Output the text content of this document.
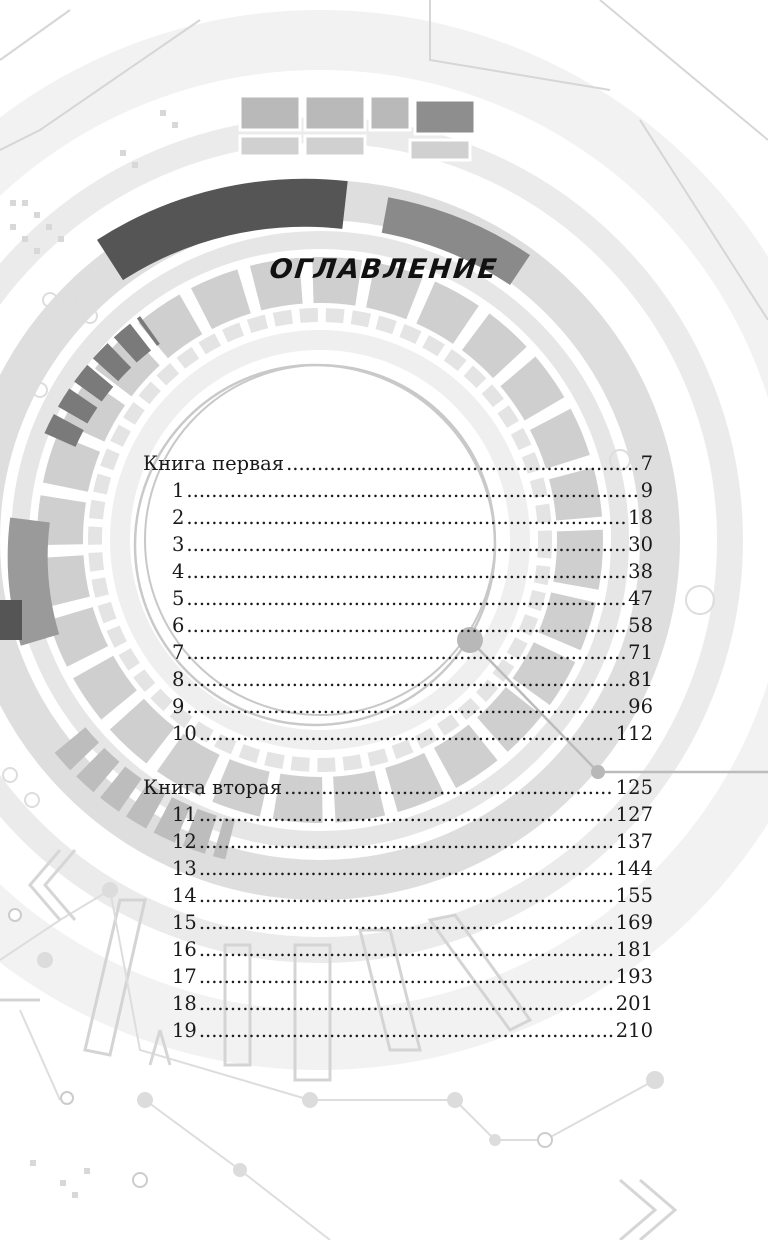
ОГЛАВЛЕНИЕ
Книга первая .....	7
1 .....	9
2 .....	18
3 .....	30
4 .....	38
5 .....	47
6 .....	58
7 .....	71
8 .....	81
9 .....	96
10 .....	112
Книга вторая .....	125
11 .....	127
12 .....	137
13 .....	144
14 .....	155
15 .....	169
16 .....	181
17 .....	193
18 .....	201
19 .....	210
